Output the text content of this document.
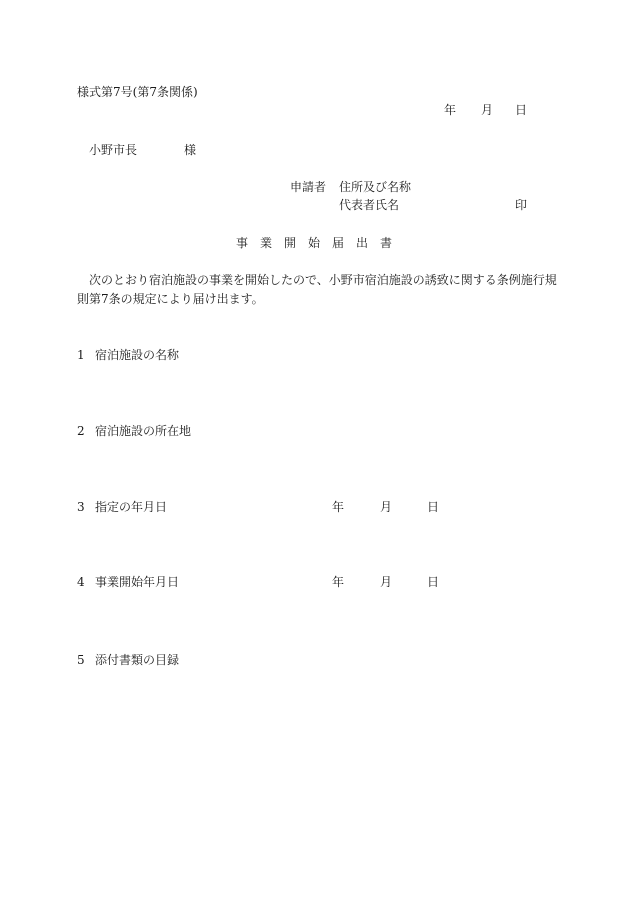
様式第7号(第7条関係)
年 月 日
小野市長	様
申請者 住所及び名称
代表者氏名	印
事 業 開 始 届 出 書
次のとおり宿泊施設の事業を開始したので、小野市宿泊施設の誘致に関する条例施行規
則第7条の規定により届け出ます。
1 宿泊施設の名称
2 宿泊施設の所在地
3 指定の年月日	年	月	日
4 事業開始年月日	年	月	日
5 添付書類の目録
